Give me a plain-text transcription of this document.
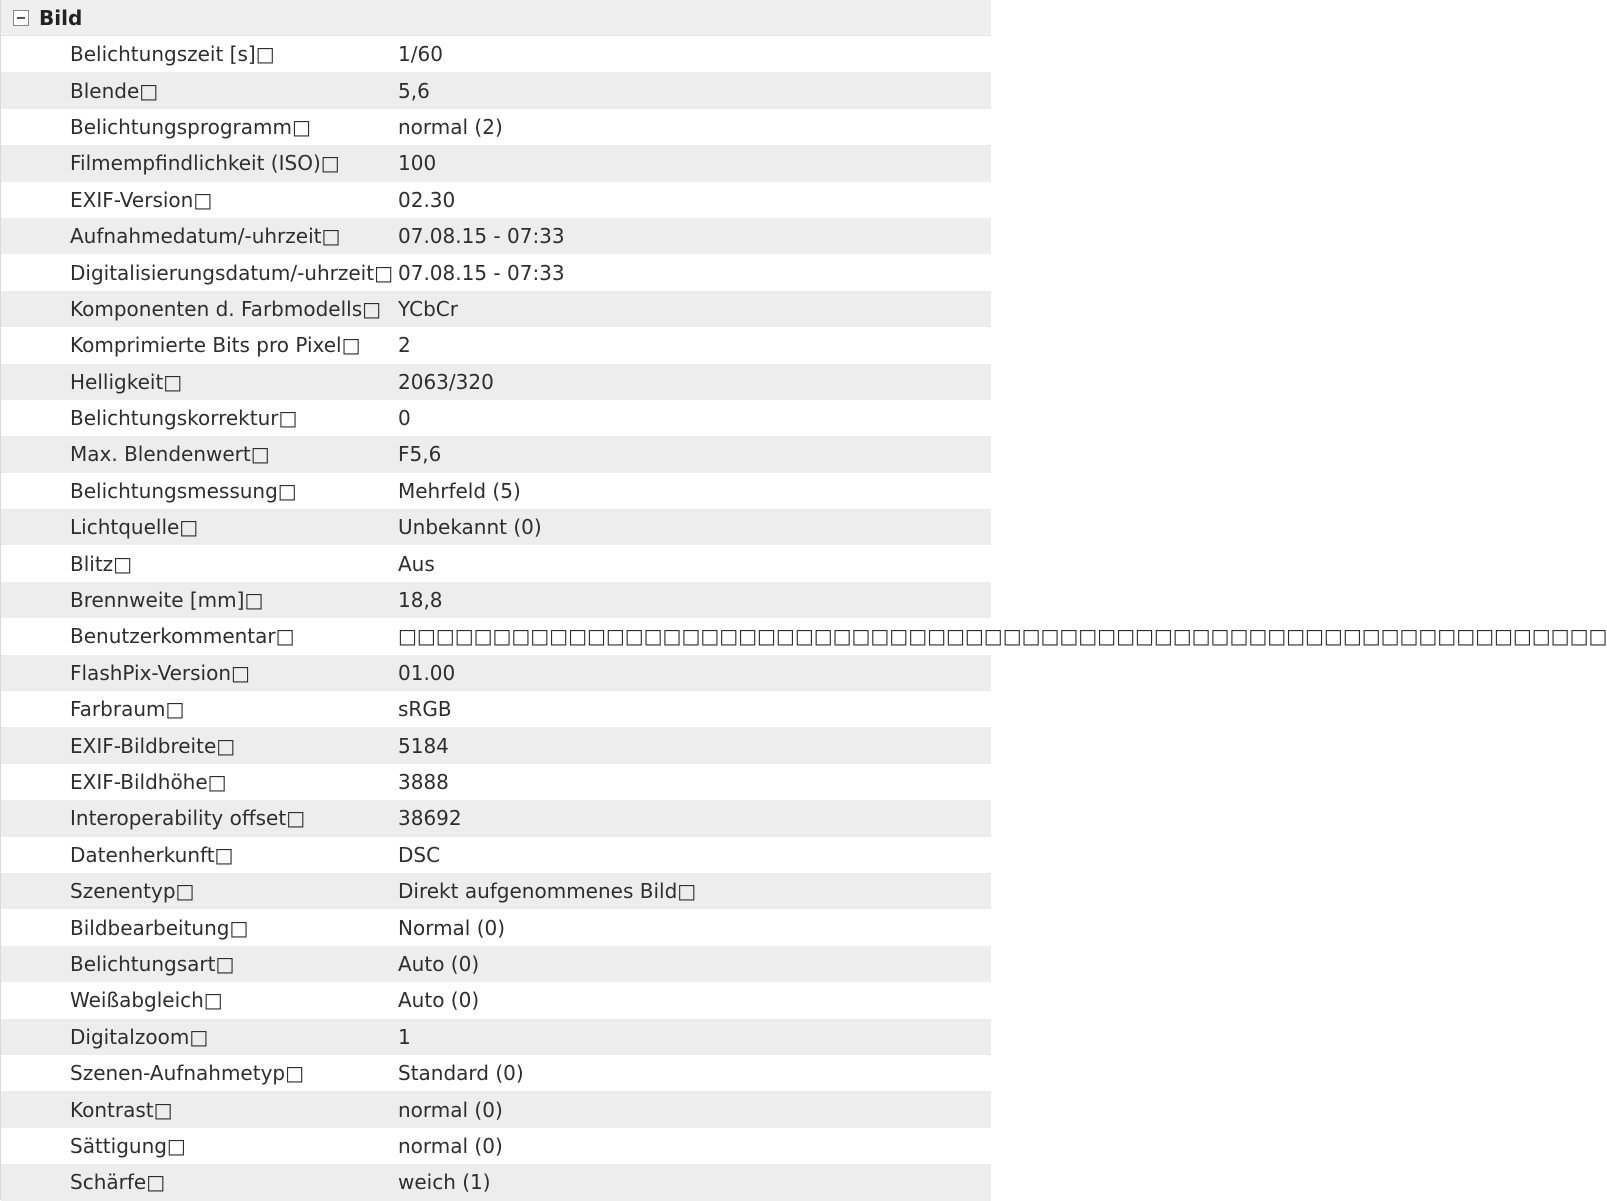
Bild
Belichtungszeit [s]□	1/60
Blende□	5,6
Belichtungsprogramm□	normal (2)
Filmempfindlichkeit (ISO)□	100
EXIF-Version□	02.30
Aufnahmedatum/-uhrzeit□	07.08.15 - 07:33
Digitalisierungsdatum/-uhrzeit□ 07.08.15 - 07:33
Komponenten d. Farbmodells□ YCbCr
Komprimierte Bits pro Pixel□	2
Helligkeit□	2063/320
Belichtungskorrektur□	0
Max. Blendenwert□	F5,6
Belichtungsmessung□	Mehrfeld (5)
Lichtquelle□	Unbekannt (0)
Blitz□	Aus
Brennweite [mm]□	18,8
Benutzerkommentar□	□□□□□□□□□□□□□□□□□□□□□□□□□□□□□□□□□□□□□□□□□□□□□□□□□□□□□□□□□□□□□□□□
FlashPix-Version□	01.00
Farbraum□	sRGB
EXIF-Bildbreite□	5184
EXIF-Bildhöhe□	3888
Interoperability offset□	38692
Datenherkunft□	DSC
Szenentyp□	Direkt aufgenommenes Bild□
Bildbearbeitung□	Normal (0)
Belichtungsart□	Auto (0)
Weißabgleich□	Auto (0)
Digitalzoom□	1
Szenen-Aufnahmetyp□	Standard (0)
Kontrast□	normal (0)
Sättigung□	normal (0)
Schärfe□	weich (1)
